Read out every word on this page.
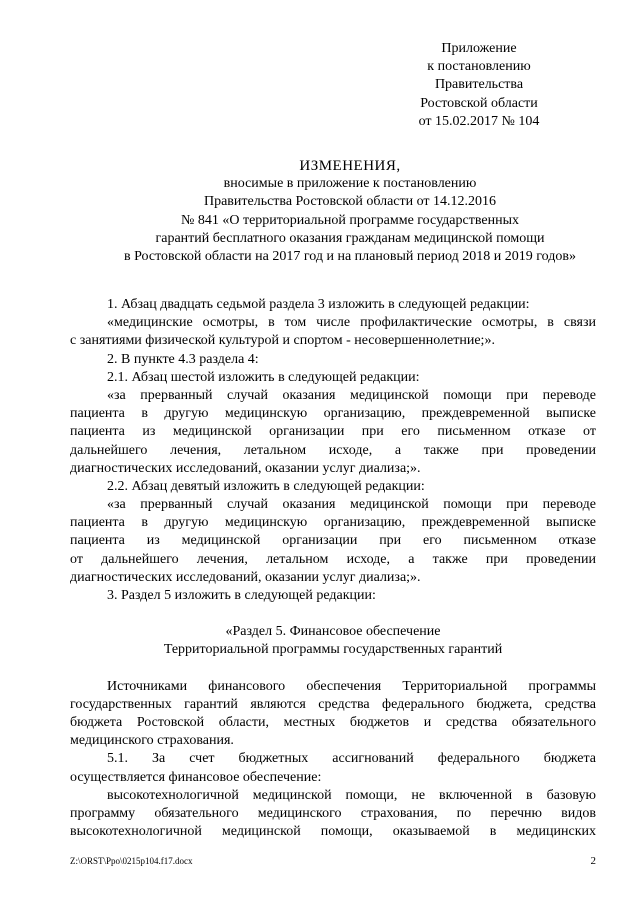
Приложение
к постановлению
Правительства
Ростовской области
от 15.02.2017 № 104
ИЗМЕНЕНИЯ,
вносимые в приложение к постановлению
Правительства Ростовской области от 14.12.2016
№ 841 «О территориальной программе государственных
гарантий бесплатного оказания гражданам медицинской помощи
в Ростовской области на 2017 год и на плановый период 2018 и 2019 годов»
1. Абзац двадцать седьмой раздела 3 изложить в следующей редакции:
«медицинские осмотры, в том числе профилактические осмотры, в связи
с занятиями физической культурой и спортом - несовершеннолетние;».
2. В пункте 4.3 раздела 4:
2.1. Абзац шестой изложить в следующей редакции:
«за прерванный случай оказания медицинской помощи при переводе
пациента в другую медицинскую организацию, преждевременной выписке
пациента из медицинской организации при его письменном отказе от
дальнейшего лечения, летальном исходе, а также при проведении
диагностических исследований, оказании услуг диализа;».
2.2. Абзац девятый изложить в следующей редакции:
«за прерванный случай оказания медицинской помощи при переводе
пациента в другую медицинскую организацию, преждевременной выписке
пациента из медицинской организации при его письменном отказе
от дальнейшего лечения, летальном исходе, а также при проведении
диагностических исследований, оказании услуг диализа;».
3. Раздел 5 изложить в следующей редакции:
«Раздел 5. Финансовое обеспечение
Территориальной программы государственных гарантий
Источниками финансового обеспечения Территориальной программы
государственных гарантий являются средства федерального бюджета, средства
бюджета Ростовской области, местных бюджетов и средства обязательного
медицинского страхования.
5.1. За счет бюджетных ассигнований федерального бюджета
осуществляется финансовое обеспечение:
высокотехнологичной медицинской помощи, не включенной в базовую
программу обязательного медицинского страхования, по перечню видов
высокотехнологичной медицинской помощи, оказываемой в медицинских
Z:\ORST\Ppo\0215p104.f17.docx	2
